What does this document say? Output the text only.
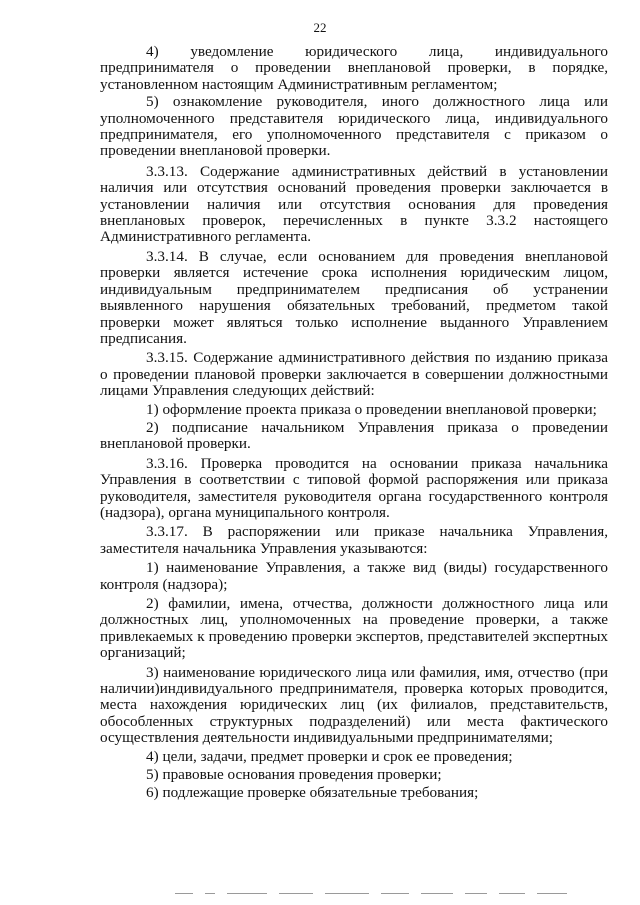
22

4) уведомление юридического лица, индивидуального предпринимателя о проведении внеплановой проверки, в порядке, установленном настоящим Административным регламентом;

5) ознакомление руководителя, иного должностного лица или уполномоченного представителя юридического лица, индивидуального предпринимателя, его уполномоченного представителя с приказом о проведении внеплановой проверки.

3.3.13. Содержание административных действий в установлении наличия или отсутствия оснований проведения проверки заключается в установлении наличия или отсутствия основания для проведения внеплановых проверок, перечисленных в пункте 3.3.2 настоящего Административного регламента.

3.3.14. В случае, если основанием для проведения внеплановой проверки является истечение срока исполнения юридическим лицом, индивидуальным предпринимателем предписания об устранении выявленного нарушения обязательных требований, предметом такой проверки может являться только исполнение выданного Управлением предписания.

3.3.15. Содержание административного действия по изданию приказа о проведении плановой проверки заключается в совершении должностными лицами Управления следующих действий:

1) оформление проекта приказа о проведении внеплановой проверки;

2) подписание начальником Управления приказа о проведении внеплановой проверки.

3.3.16. Проверка проводится на основании приказа начальника Управления в соответствии с типовой формой распоряжения или приказа руководителя, заместителя руководителя органа государственного контроля (надзора), органа муниципального контроля.

3.3.17. В распоряжении или приказе начальника Управления, заместителя начальника Управления указываются:

1) наименование Управления, а также вид (виды) государственного контроля (надзора);

2) фамилии, имена, отчества, должности должностного лица или должностных лиц, уполномоченных на проведение проверки, а также привлекаемых к проведению проверки экспертов, представителей экспертных организаций;

3) наименование юридического лица или фамилия, имя, отчество (при наличии)индивидуального предпринимателя, проверка которых проводится, места нахождения юридических лиц (их филиалов, представительств, обособленных структурных подразделений) или места фактического осуществления деятельности индивидуальными предпринимателями;

4) цели, задачи, предмет проверки и срок ее проведения;

5) правовые основания проведения проверки;

6) подлежащие проверке обязательные требования;
